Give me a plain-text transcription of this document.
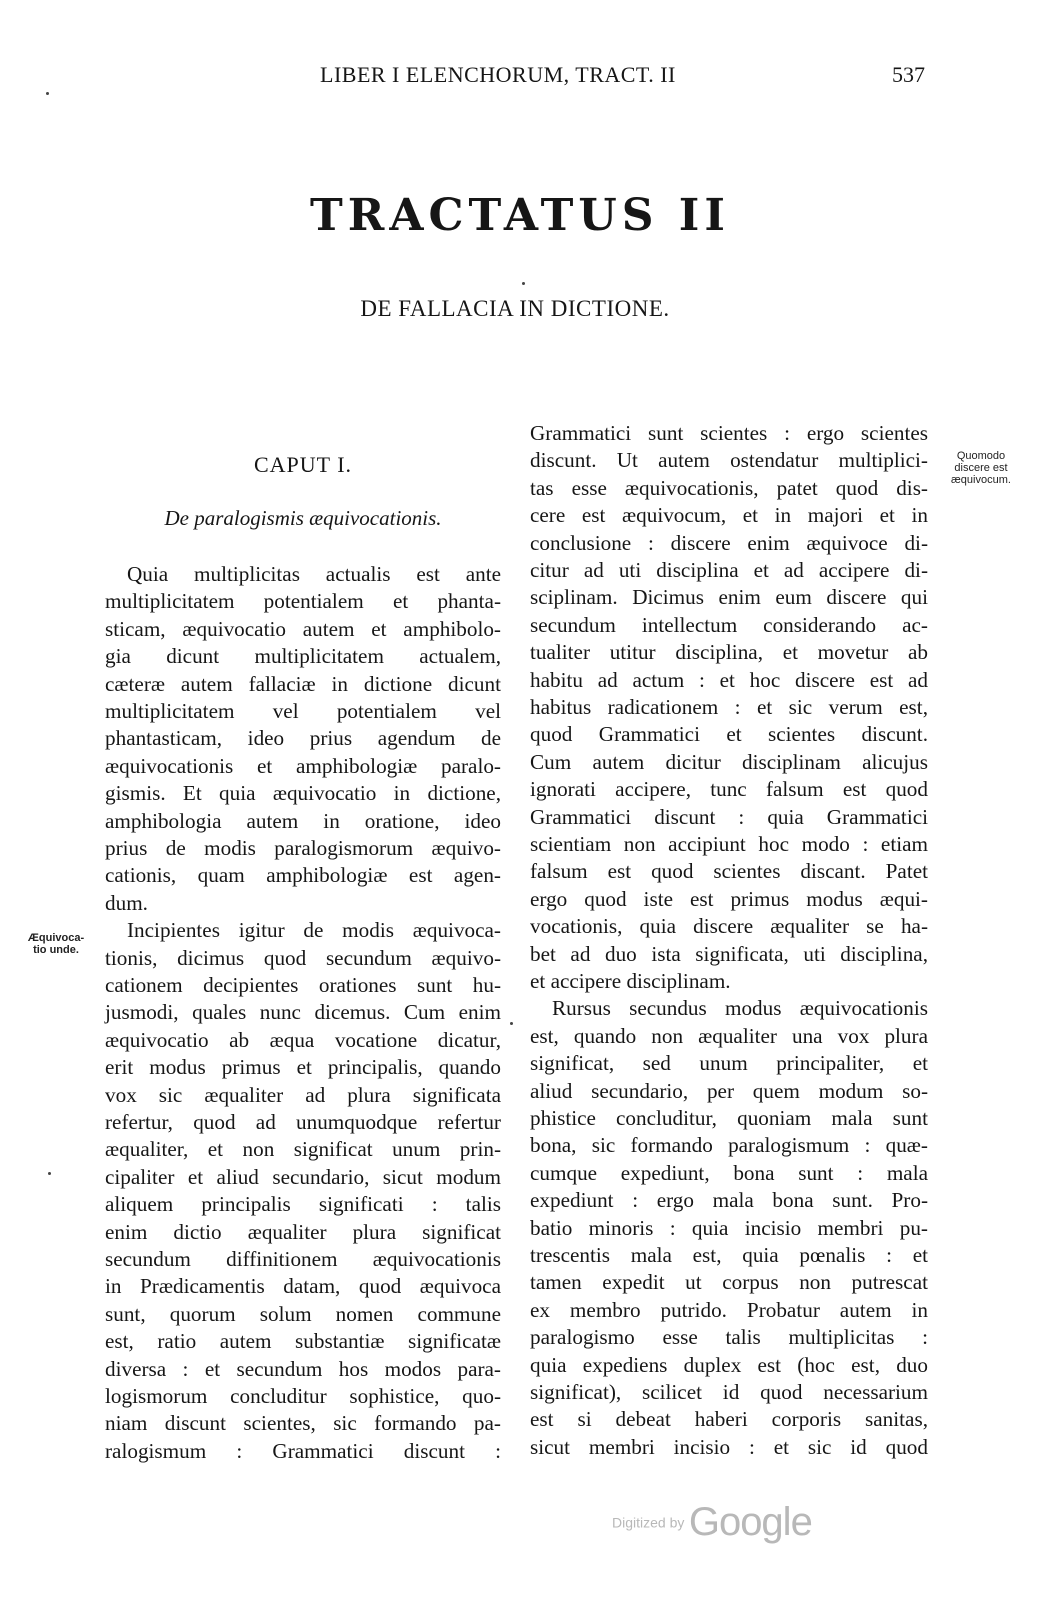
LIBER I ELENCHORUM, TRACT. II	537
TRACTATUS II
DE FALLACIA IN DICTIONE.
CAPUT I.
De paralogismis æquivocationis.
Quia multiplicitas actualis est ante
multiplicitatem potentialem et phanta-
sticam, æquivocatio autem et amphibolo-
gia dicunt multiplicitatem actualem,
cæteræ autem fallaciæ in dictione dicunt
multiplicitatem vel potentialem vel
phantasticam, ideo prius agendum de
æquivocationis et amphibologiæ paralo-
gismis. Et quia æquivocatio in dictione,
amphibologia autem in oratione, ideo
prius de modis paralogismorum æquivo-
cationis, quam amphibologiæ est agen-
dum.
Incipientes igitur de modis æquivoca-
tionis, dicimus quod secundum æquivo-
cationem decipientes orationes sunt hu-
jusmodi, quales nunc dicemus. Cum enim
æquivocatio ab æqua vocatione dicatur,
erit modus primus et principalis, quando
vox sic æqualiter ad plura significata
refertur, quod ad unumquodque refertur
æqualiter, et non significat unum prin-
cipaliter et aliud secundario, sicut modum
aliquem principalis significati : talis
enim dictio æqualiter plura significat
secundum diffinitionem æquivocationis
in Prædicamentis datam, quod æquivoca
sunt, quorum solum nomen commune
est, ratio autem substantiæ significatæ
diversa : et secundum hos modos para-
logismorum concluditur sophistice, quo-
niam discunt scientes, sic formando pa-
ralogismum : Grammatici discunt :
Grammatici sunt scientes : ergo scientes
discunt. Ut autem ostendatur multiplici-
tas esse æquivocationis, patet quod dis-
cere est æquivocum, et in majori et in
conclusione : discere enim æquivoce di-
citur ad uti disciplina et ad accipere di-
sciplinam. Dicimus enim eum discere qui
secundum intellectum considerando ac-
tualiter utitur disciplina, et movetur ab
habitu ad actum : et hoc discere est ad
habitus radicationem : et sic verum est,
quod Grammatici et scientes discunt.
Cum autem dicitur disciplinam alicujus
ignorati accipere, tunc falsum est quod
Grammatici discunt : quia Grammatici
scientiam non accipiunt hoc modo : etiam
falsum est quod scientes discant. Patet
ergo quod iste est primus modus æqui-
vocationis, quia discere æqualiter se ha-
bet ad duo ista significata, uti disciplina,
et accipere disciplinam.
Rursus secundus modus æquivocationis
est, quando non æqualiter una vox plura
significat, sed unum principaliter, et
aliud secundario, per quem modum so-
phistice concluditur, quoniam mala sunt
bona, sic formando paralogismum : quæ-
cumque expediunt, bona sunt : mala
expediunt : ergo mala bona sunt. Pro-
batio minoris : quia incisio membri pu-
trescentis mala est, quia pœnalis : et
tamen expedit ut corpus non putrescat
ex membro putrido. Probatur autem in
paralogismo esse talis multiplicitas :
quia expediens duplex est (hoc est, duo
significat), scilicet id quod necessarium
est si debeat haberi corporis sanitas,
sicut membri incisio : et sic id quod
Æquivoca-
tio unde.
Quomodo
discere est
æquivocum.
Digitized by Google
